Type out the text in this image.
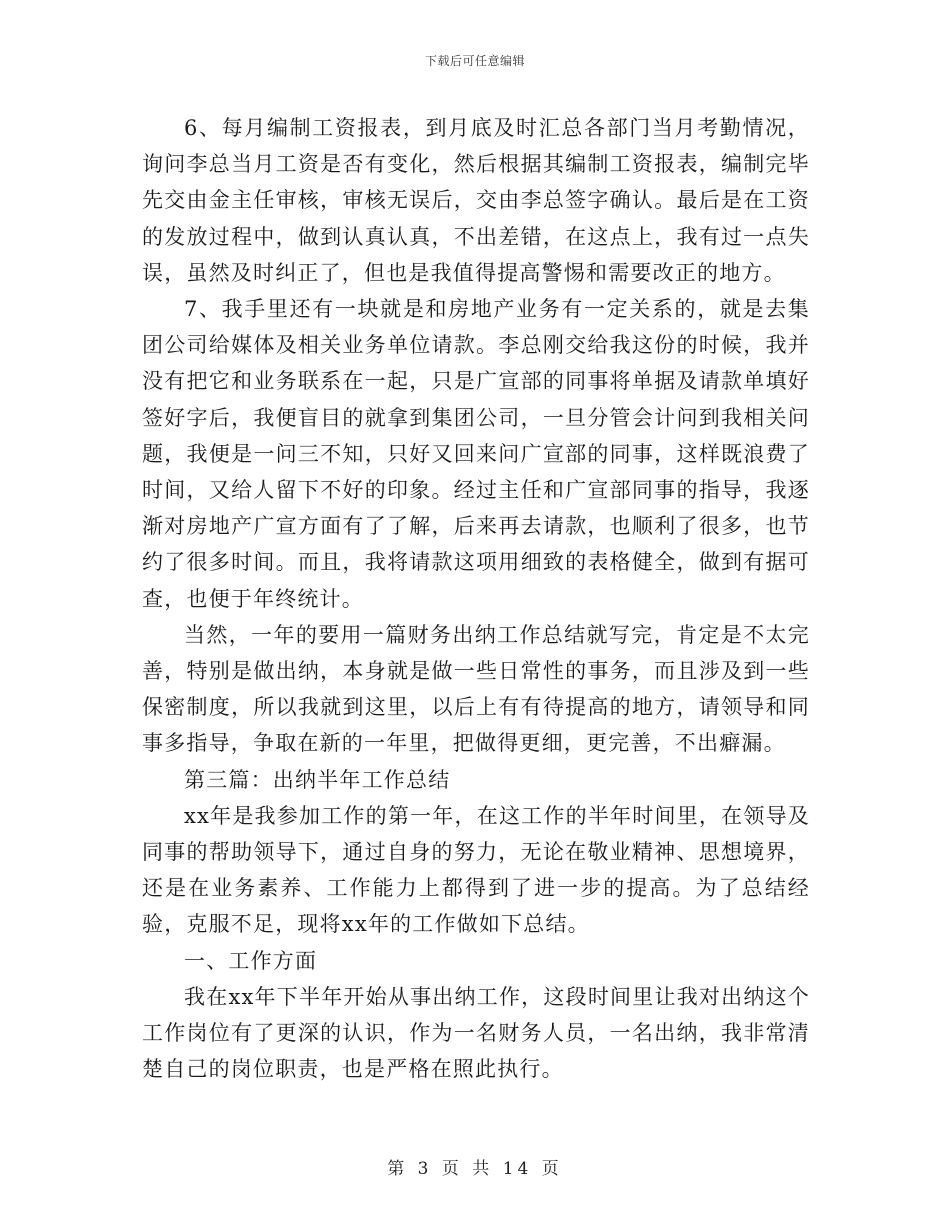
下载后可任意编辑

6、每月编制工资报表，到月底及时汇总各部门当月考勤情况，询问李总当月工资是否有变化，然后根据其编制工资报表，编制完毕先交由金主任审核，审核无误后，交由李总签字确认。最后是在工资的发放过程中，做到认真认真，不出差错，在这点上，我有过一点失误，虽然及时纠正了，但也是我值得提高警惕和需要改正的地方。

7、我手里还有一块就是和房地产业务有一定关系的，就是去集团公司给媒体及相关业务单位请款。李总刚交给我这份的时候，我并没有把它和业务联系在一起，只是广宣部的同事将单据及请款单填好签好字后，我便盲目的就拿到集团公司，一旦分管会计问到我相关问题，我便是一问三不知，只好又回来问广宣部的同事，这样既浪费了时间，又给人留下不好的印象。经过主任和广宣部同事的指导，我逐渐对房地产广宣方面有了了解，后来再去请款，也顺利了很多，也节约了很多时间。而且，我将请款这项用细致的表格健全，做到有据可查，也便于年终统计。

当然，一年的要用一篇财务出纳工作总结就写完，肯定是不太完善，特别是做出纳，本身就是做一些日常性的事务，而且涉及到一些保密制度，所以我就到这里，以后上有有待提高的地方，请领导和同事多指导，争取在新的一年里，把做得更细，更完善，不出癖漏。

第三篇：出纳半年工作总结

xx年是我参加工作的第一年，在这工作的半年时间里，在领导及同事的帮助领导下，通过自身的努力，无论在敬业精神、思想境界，还是在业务素养、工作能力上都得到了进一步的提高。为了总结经验，克服不足，现将xx年的工作做如下总结。

一、工作方面

我在xx年下半年开始从事出纳工作，这段时间里让我对出纳这个工作岗位有了更深的认识，作为一名财务人员，一名出纳，我非常清楚自己的岗位职责，也是严格在照此执行。

第 3 页 共 14 页
